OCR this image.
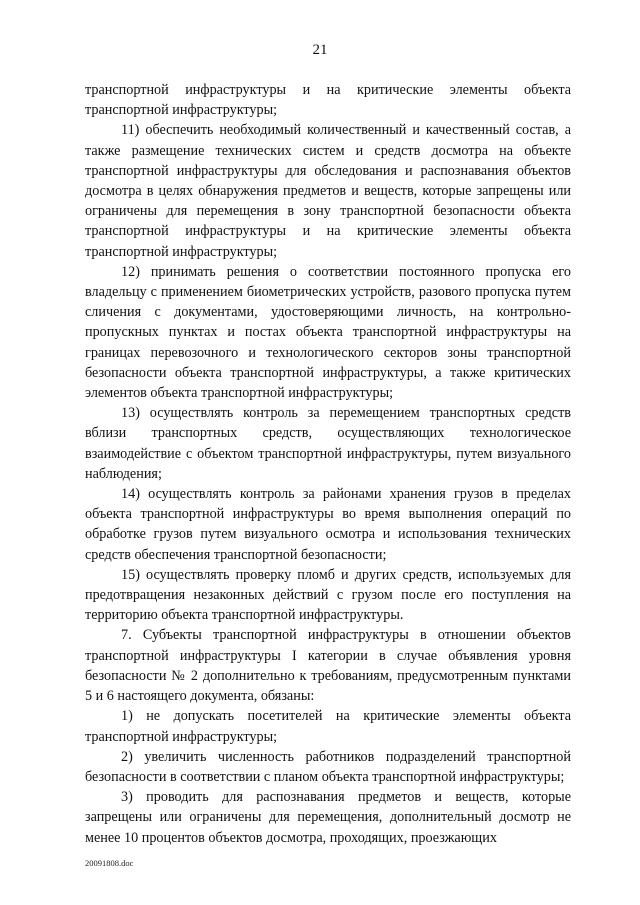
21

транспортной инфраструктуры и на критические элементы объекта транспортной инфраструктуры;

11) обеспечить необходимый количественный и качественный состав, а также размещение технических систем и средств досмотра на объекте транспортной инфраструктуры для обследования и распознавания объектов досмотра в целях обнаружения предметов и веществ, которые запрещены или ограничены для перемещения в зону транспортной безопасности объекта транспортной инфраструктуры и на критические элементы объекта транспортной инфраструктуры;

12) принимать решения о соответствии постоянного пропуска его владельцу с применением биометрических устройств, разового пропуска путем сличения с документами, удостоверяющими личность, на контрольно-пропускных пунктах и постах объекта транспортной инфраструктуры на границах перевозочного и технологического секторов зоны транспортной безопасности объекта транспортной инфраструктуры, а также критических элементов объекта транспортной инфраструктуры;

13) осуществлять контроль за перемещением транспортных средств вблизи транспортных средств, осуществляющих технологическое взаимодействие с объектом транспортной инфраструктуры, путем визуального наблюдения;

14) осуществлять контроль за районами хранения грузов в пределах объекта транспортной инфраструктуры во время выполнения операций по обработке грузов путем визуального осмотра и использования технических средств обеспечения транспортной безопасности;

15) осуществлять проверку пломб и других средств, используемых для предотвращения незаконных действий с грузом после его поступления на территорию объекта транспортной инфраструктуры.

7. Субъекты транспортной инфраструктуры в отношении объектов транспортной инфраструктуры I категории в случае объявления уровня безопасности № 2 дополнительно к требованиям, предусмотренным пунктами 5 и 6 настоящего документа, обязаны:

1) не допускать посетителей на критические элементы объекта транспортной инфраструктуры;

2) увеличить численность работников подразделений транспортной безопасности в соответствии с планом объекта транспортной инфраструктуры;

3) проводить для распознавания предметов и веществ, которые запрещены или ограничены для перемещения, дополнительный досмотр не менее 10 процентов объектов досмотра, проходящих, проезжающих

20091808.doc
